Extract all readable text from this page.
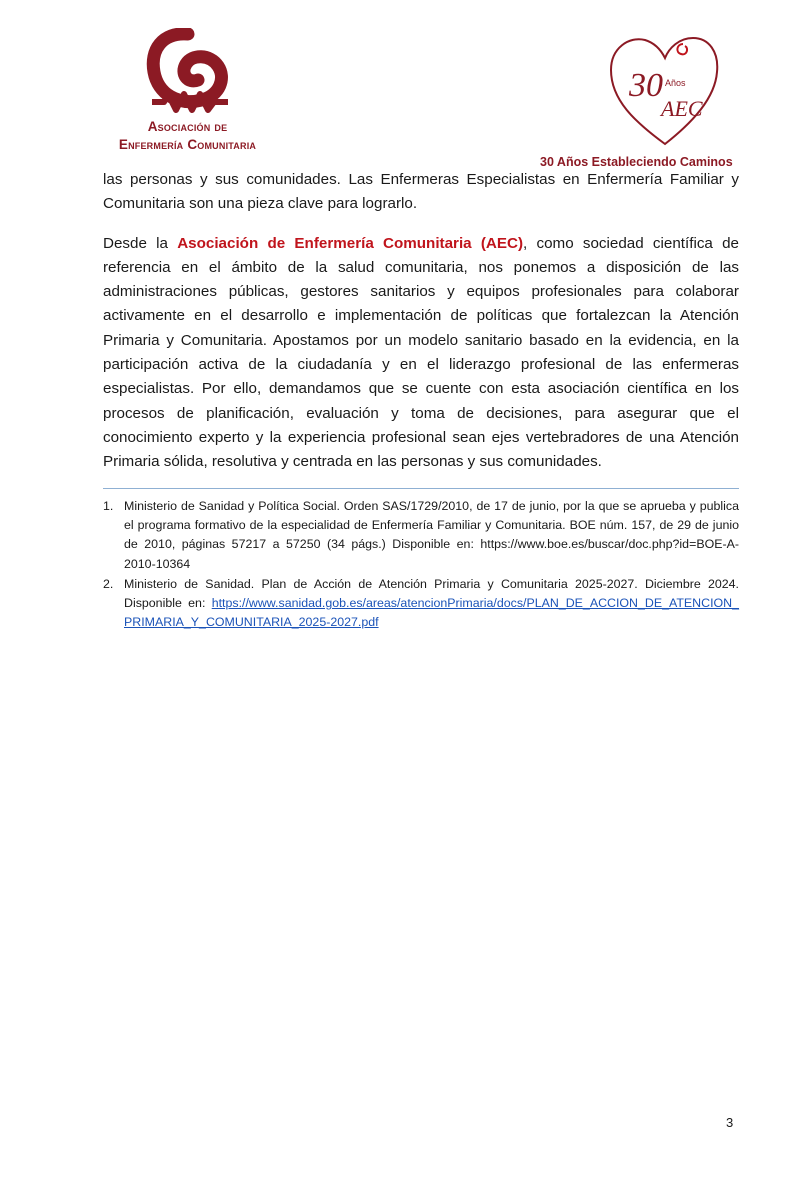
Asociación de
Enfermería Comunitaria
30 Años
AEC
30 Años Estableciendo Caminos

las personas y sus comunidades. Las Enfermeras Especialistas en Enfermería Familiar y Comunitaria son una pieza clave para lograrlo.

Desde la Asociación de Enfermería Comunitaria (AEC), como sociedad científica de referencia en el ámbito de la salud comunitaria, nos ponemos a disposición de las administraciones públicas, gestores sanitarios y equipos profesionales para colaborar activamente en el desarrollo e implementación de políticas que fortalezcan la Atención Primaria y Comunitaria. Apostamos por un modelo sanitario basado en la evidencia, en la participación activa de la ciudadanía y en el liderazgo profesional de las enfermeras especialistas. Por ello, demandamos que se cuente con esta asociación científica en los procesos de planificación, evaluación y toma de decisiones, para asegurar que el conocimiento experto y la experiencia profesional sean ejes vertebradores de una Atención Primaria sólida, resolutiva y centrada en las personas y sus comunidades.

1. Ministerio de Sanidad y Política Social. Orden SAS/1729/2010, de 17 de junio, por la que se aprueba y publica el programa formativo de la especialidad de Enfermería Familiar y Comunitaria. BOE núm. 157, de 29 de junio de 2010, páginas 57217 a 57250 (34 págs.) Disponible en: https://www.boe.es/buscar/doc.php?id=BOE-A-2010-10364
2. Ministerio de Sanidad. Plan de Acción de Atención Primaria y Comunitaria 2025-2027. Diciembre 2024. Disponible en: https://www.sanidad.gob.es/areas/atencionPrimaria/docs/PLAN_DE_ACCION_DE_ATENCION_PRIMARIA_Y_COMUNITARIA_2025-2027.pdf
3
